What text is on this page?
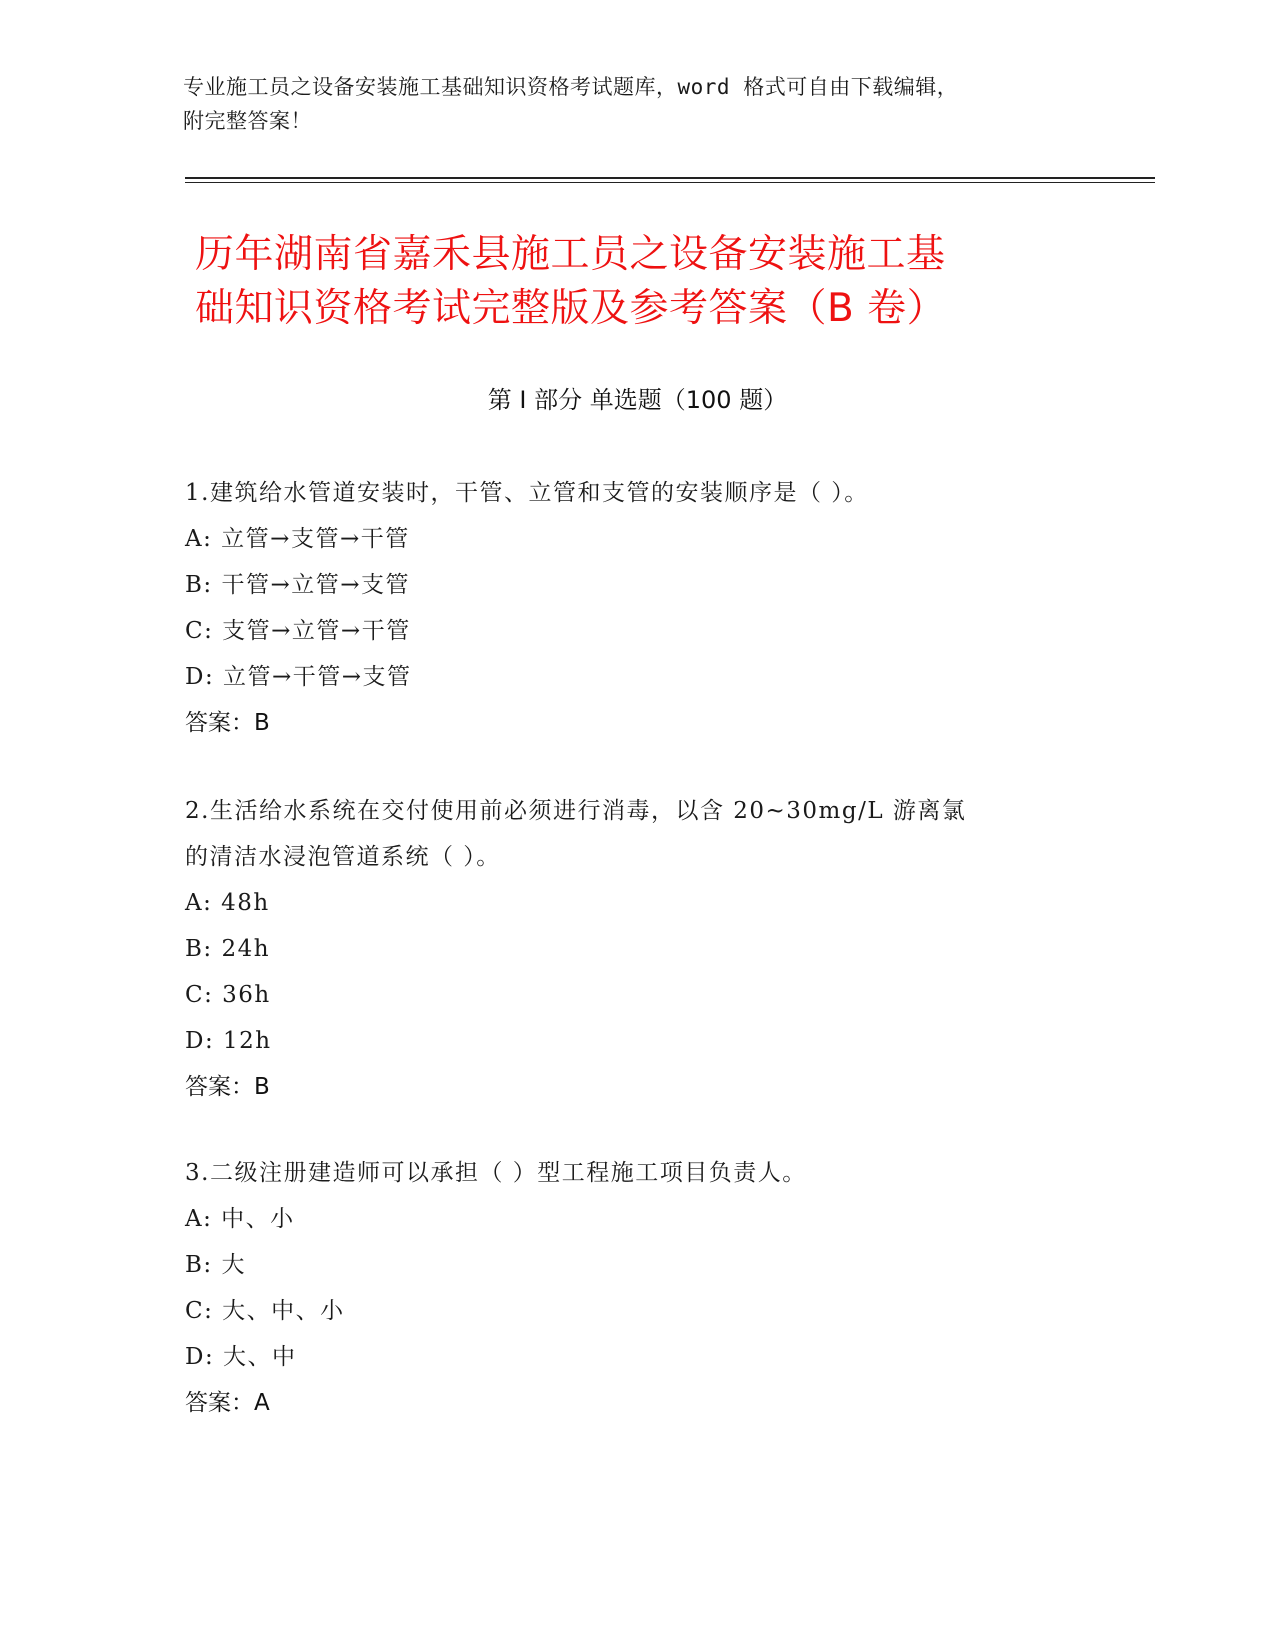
专业施工员之设备安装施工基础知识资格考试题库，word 格式可自由下载编辑，
附完整答案！
历年湖南省嘉禾县施工员之设备安装施工基
础知识资格考试完整版及参考答案（B 卷）
第 I 部分 单选题（100 题）
1.建筑给水管道安装时，干管、立管和支管的安装顺序是（ ）。
A: 立管→支管→干管
B: 干管→立管→支管
C: 支管→立管→干管
D: 立管→干管→支管
答案：B
2.生活给水系统在交付使用前必须进行消毒，以含 20~30mg/L 游离氯
的清洁水浸泡管道系统（ ）。
A: 48h
B: 24h
C: 36h
D: 12h
答案：B
3.二级注册建造师可以承担（ ）型工程施工项目负责人。
A: 中、小
B: 大
C: 大、中、小
D: 大、中
答案：A
